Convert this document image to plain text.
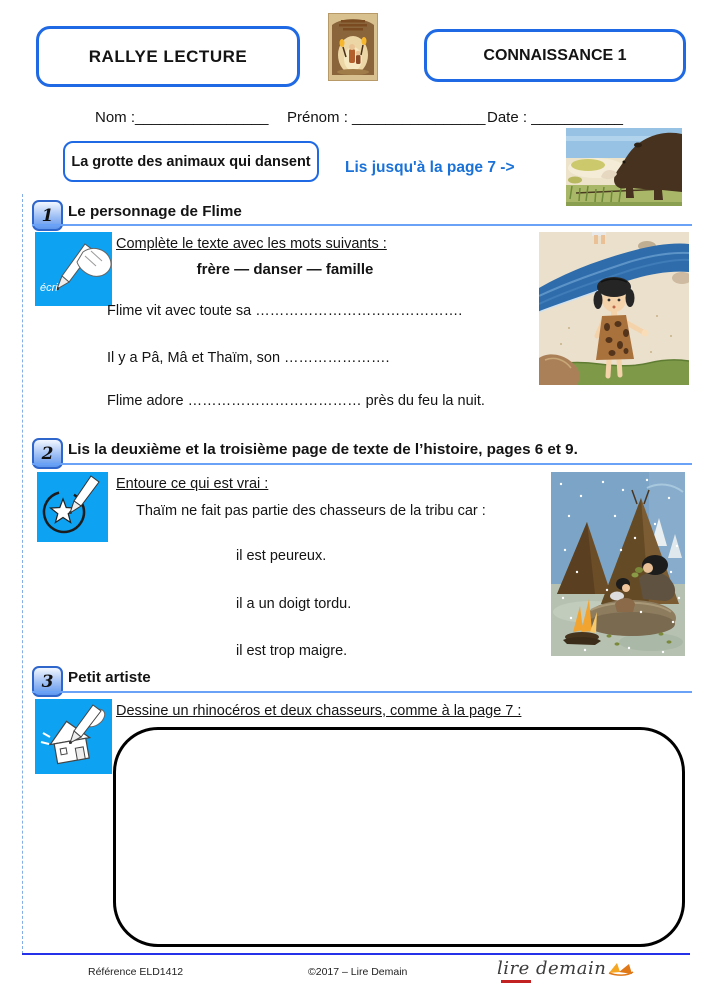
RALLYE LECTURE	CONNAISSANCE 1
Nom :________________ Prénom : ________________ Date : ___________
La grotte des animaux qui dansent Lis jusqu'à la page 7 ->
1 Le personnage de Flime
écri
Complète le texte avec les mots suivants :
frère — danser — famille
Flime vit avec toute sa …………………………………….
Il y a Pâ, Mâ et Thaïm, son ………………….
Flime adore ……………………………… près du feu la nuit.
2 Lis la deuxième et la troisième page de texte de l’histoire, pages 6 et 9.
Entoure ce qui est vrai :
Thaïm ne fait pas partie des chasseurs de la tribu car :
il est peureux.
il a un doigt tordu.
il est trop maigre.
3 Petit artiste
Dessine un rhinocéros et deux chasseurs, comme à la page 7 :
Référence ELD1412	©2017 – Lire Demain	lire demain
